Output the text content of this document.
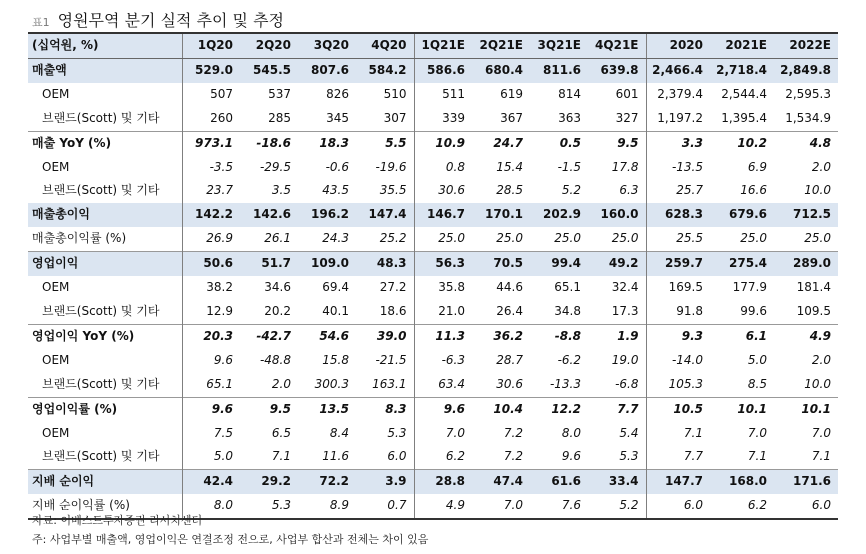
표1 영원무역 분기 실적 추이 및 추정
(십억원, %)	1Q20	2Q20	3Q20	4Q20	1Q21E	2Q21E	3Q21E	4Q21E	2020	2021E	2022E
매출액	529.0	545.5	807.6	584.2	586.6	680.4	811.6	639.8	2,466.4	2,718.4	2,849.8
OEM	507	537	826	510	511	619	814	601	2,379.4	2,544.4	2,595.3
브랜드(Scott) 및 기타	260	285	345	307	339	367	363	327	1,197.2	1,395.4	1,534.9
매출 YoY (%)	973.1	-18.6	18.3	5.5	10.9	24.7	0.5	9.5	3.3	10.2	4.8
OEM	-3.5	-29.5	-0.6	-19.6	0.8	15.4	-1.5	17.8	-13.5	6.9	2.0
브랜드(Scott) 및 기타	23.7	3.5	43.5	35.5	30.6	28.5	5.2	6.3	25.7	16.6	10.0
매출총이익	142.2	142.6	196.2	147.4	146.7	170.1	202.9	160.0	628.3	679.6	712.5
매출총이익률 (%)	26.9	26.1	24.3	25.2	25.0	25.0	25.0	25.0	25.5	25.0	25.0
영업이익	50.6	51.7	109.0	48.3	56.3	70.5	99.4	49.2	259.7	275.4	289.0
OEM	38.2	34.6	69.4	27.2	35.8	44.6	65.1	32.4	169.5	177.9	181.4
브랜드(Scott) 및 기타	12.9	20.2	40.1	18.6	21.0	26.4	34.8	17.3	91.8	99.6	109.5
영업이익 YoY (%)	20.3	-42.7	54.6	39.0	11.3	36.2	-8.8	1.9	9.3	6.1	4.9
OEM	9.6	-48.8	15.8	-21.5	-6.3	28.7	-6.2	19.0	-14.0	5.0	2.0
브랜드(Scott) 및 기타	65.1	2.0	300.3	163.1	63.4	30.6	-13.3	-6.8	105.3	8.5	10.0
영업이익률 (%)	9.6	9.5	13.5	8.3	9.6	10.4	12.2	7.7	10.5	10.1	10.1
OEM	7.5	6.5	8.4	5.3	7.0	7.2	8.0	5.4	7.1	7.0	7.0
브랜드(Scott) 및 기타	5.0	7.1	11.6	6.0	6.2	7.2	9.6	5.3	7.7	7.1	7.1
지배 순이익	42.4	29.2	72.2	3.9	28.8	47.4	61.6	33.4	147.7	168.0	171.6
지배 순이익률 (%)	8.0	5.3	8.9	0.7	4.9	7.0	7.6	5.2	6.0	6.2	6.0
자료: 이베스트투자증권 리서치센터
주: 사업부별 매출액, 영업이익은 연결조정 전으로, 사업부 합산과 전체는 차이 있음
